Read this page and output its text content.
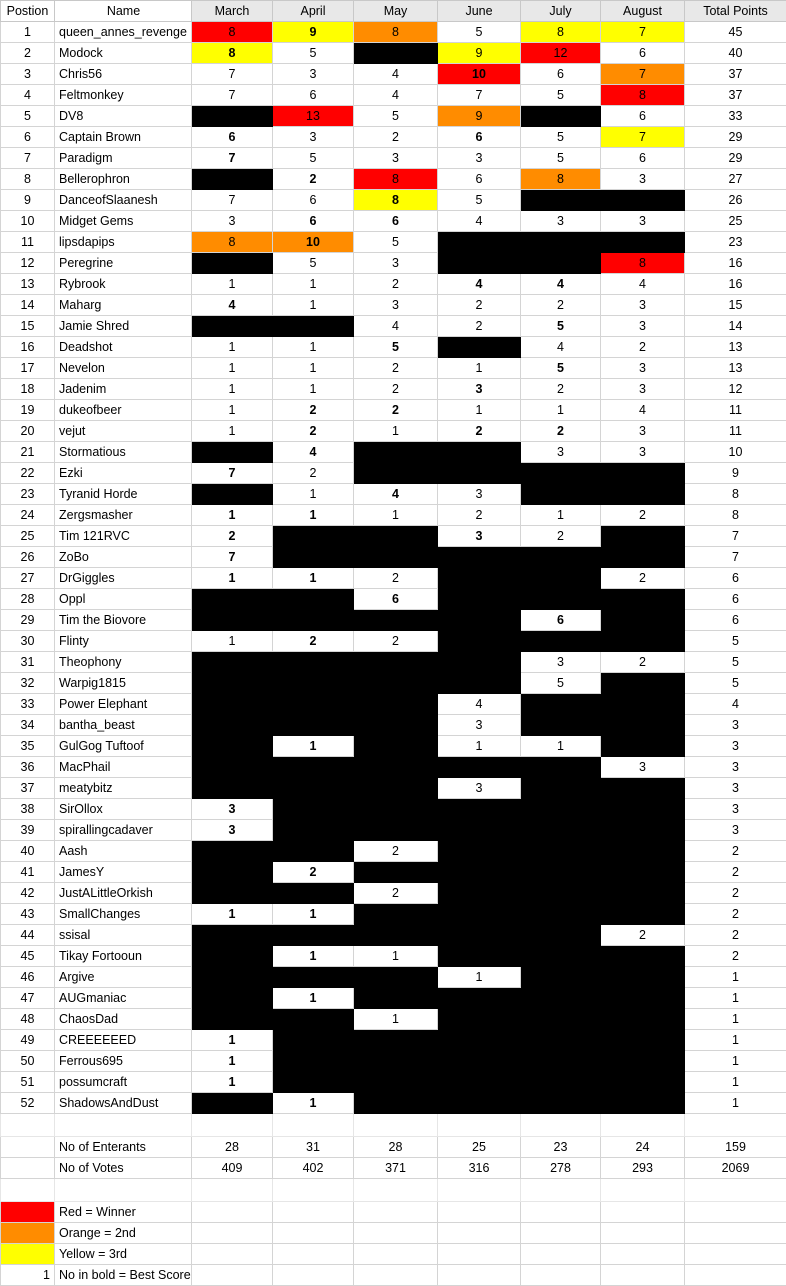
Postion	Name	March	April	May	June	July	August	Total Points
1	queen_annes_revenge	8	9	8	5	8	7	45
2	Modock	8	5		9	12	6	40
3	Chris56	7	3	4	10	6	7	37
4	Feltmonkey	7	6	4	7	5	8	37
5	DV8		13	5	9		6	33
6	Captain Brown	6	3	2	6	5	7	29
7	Paradigm	7	5	3	3	5	6	29
8	Bellerophron		2	8	6	8	3	27
9	DanceofSlaanesh	7	6	8	5			26
10	Midget Gems	3	6	6	4	3	3	25
11	lipsdapips	8	10	5				23
12	Peregrine		5	3			8	16
13	Rybrook	1	1	2	4	4	4	16
14	Maharg	4	1	3	2	2	3	15
15	Jamie Shred			4	2	5	3	14
16	Deadshot	1	1	5		4	2	13
17	Nevelon	1	1	2	1	5	3	13
18	Jadenim	1	1	2	3	2	3	12
19	dukeofbeer	1	2	2	1	1	4	11
20	vejut	1	2	1	2	2	3	11
21	Stormatious		4			3	3	10
22	Ezki	7	2					9
23	Tyranid Horde		1	4	3			8
24	Zergsmasher	1	1	1	2	1	2	8
25	Tim 121RVC	2			3	2		7
26	ZoBo	7						7
27	DrGiggles	1	1	2			2	6
28	Oppl			6				6
29	Tim the Biovore					6		6
30	Flinty	1	2	2				5
31	Theophony					3	2	5
32	Warpig1815					5		5
33	Power Elephant				4			4
34	bantha_beast				3			3
35	GulGog Tuftoof		1		1	1		3
36	MacPhail						3	3
37	meatybitz				3			3
38	SirOllox	3						3
39	spirallingcadaver	3						3
40	Aash			2				2
41	JamesY		2					2
42	JustALittleOrkish			2				2
43	SmallChanges	1	1					2
44	ssisal						2	2
45	Tikay Fortooun		1	1				2
46	Argive				1			1
47	AUGmaniac		1					1
48	ChaosDad			1				1
49	CREEEEEED	1						1
50	Ferrous695	1						1
51	possumcraft	1						1
52	ShadowsAndDust		1					1

	No of Enterants	28	31	28	25	23	24	159
	No of Votes	409	402	371	316	278	293	2069

	Red = Winner							
	Orange = 2nd							
	Yellow = 3rd							
1	No in bold = Best Score							
